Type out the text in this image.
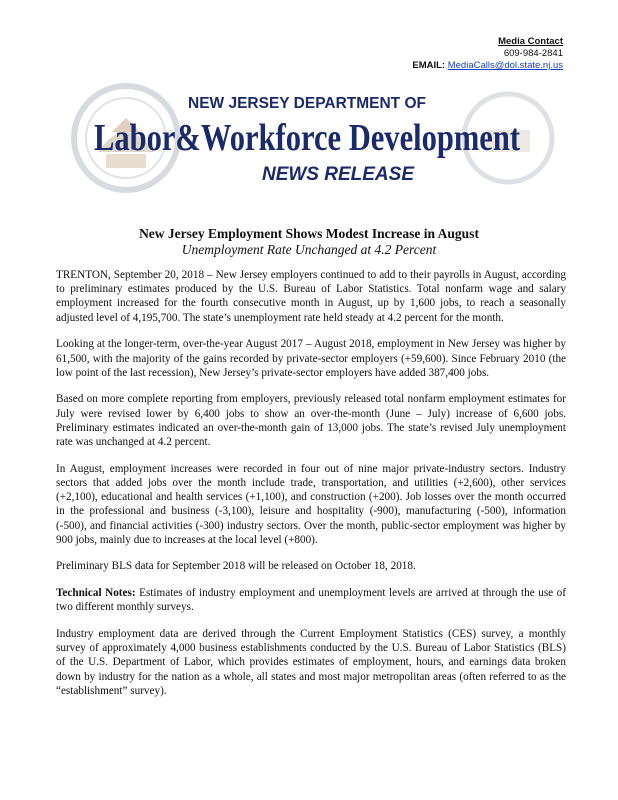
Media Contact
609-984-2841
EMAIL: MediaCalls@dol.state.nj.us
NEW JERSEY DEPARTMENT OF
Labor&Workforce Development
NEWS RELEASE
New Jersey Employment Shows Modest Increase in August
Unemployment Rate Unchanged at 4.2 Percent

TRENTON, September 20, 2018 – New Jersey employers continued to add to their payrolls in August, according to preliminary estimates produced by the U.S. Bureau of Labor Statistics. Total nonfarm wage and salary employment increased for the fourth consecutive month in August, up by 1,600 jobs, to reach a seasonally adjusted level of 4,195,700. The state’s unemployment rate held steady at 4.2 percent for the month.

Looking at the longer-term, over-the-year August 2017 – August 2018, employment in New Jersey was higher by 61,500, with the majority of the gains recorded by private-sector employers (+59,600). Since February 2010 (the low point of the last recession), New Jersey’s private-sector employers have added 387,400 jobs.

Based on more complete reporting from employers, previously released total nonfarm employment estimates for July were revised lower by 6,400 jobs to show an over-the-month (June – July) increase of 6,600 jobs. Preliminary estimates indicated an over-the-month gain of 13,000 jobs. The state’s revised July unemployment rate was unchanged at 4.2 percent.

In August, employment increases were recorded in four out of nine major private-industry sectors. Industry sectors that added jobs over the month include trade, transportation, and utilities (+2,600), other services (+2,100), educational and health services (+1,100), and construction (+200). Job losses over the month occurred in the professional and business (-3,100), leisure and hospitality (-900), manufacturing (-500), information (-500), and financial activities (-300) industry sectors. Over the month, public-sector employment was higher by 900 jobs, mainly due to increases at the local level (+800).

Preliminary BLS data for September 2018 will be released on October 18, 2018.

Technical Notes: Estimates of industry employment and unemployment levels are arrived at through the use of two different monthly surveys.

Industry employment data are derived through the Current Employment Statistics (CES) survey, a monthly survey of approximately 4,000 business establishments conducted by the U.S. Bureau of Labor Statistics (BLS) of the U.S. Department of Labor, which provides estimates of employment, hours, and earnings data broken down by industry for the nation as a whole, all states and most major metropolitan areas (often referred to as the “establishment” survey).
